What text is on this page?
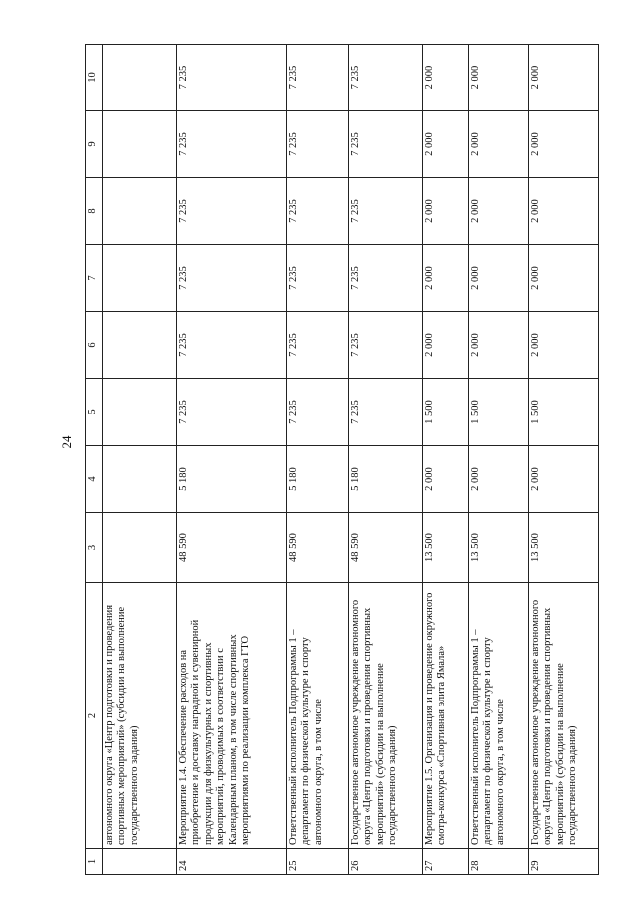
24
1	2	3	4	5	6	7	8	9	10
	автономного округа «Центр подготовки и проведения спортивных мероприятий» (субсидии на выполнение государственного задания)								
24	Мероприятие 1.4. Обеспечение расходов на приобретение и доставку наградной и сувенирной продукции для физкультурных и спортивных мероприятий, проводимых в соответствии с Календарным планом, в том числе спортивных мероприятиями по реализации комплекса ГТО	48 590	5 180	7 235	7 235	7 235	7 235	7 235	7 235
25	Ответственный исполнитель Подпрограммы 1 – департамент по физической культуре и спорту автономного округа, в том числе	48 590	5 180	7 235	7 235	7 235	7 235	7 235	7 235
26	Государственное автономное учреждение автономного округа «Центр подготовки и проведения спортивных мероприятий» (субсидии на выполнение государственного задания)	48 590	5 180	7 235	7 235	7 235	7 235	7 235	7 235
27	Мероприятие 1.5. Организация и проведение окружного смотра-конкурса «Спортивная элита Ямала»	13 500	2 000	1 500	2 000	2 000	2 000	2 000	2 000
28	Ответственный исполнитель Подпрограммы 1 – департамент по физической культуре и спорту автономного округа, в том числе	13 500	2 000	1 500	2 000	2 000	2 000	2 000	2 000
29	Государственное автономное учреждение автономного округа «Центр подготовки и проведения спортивных мероприятий» (субсидии на выполнение государственного задания)	13 500	2 000	1 500	2 000	2 000	2 000	2 000	2 000
